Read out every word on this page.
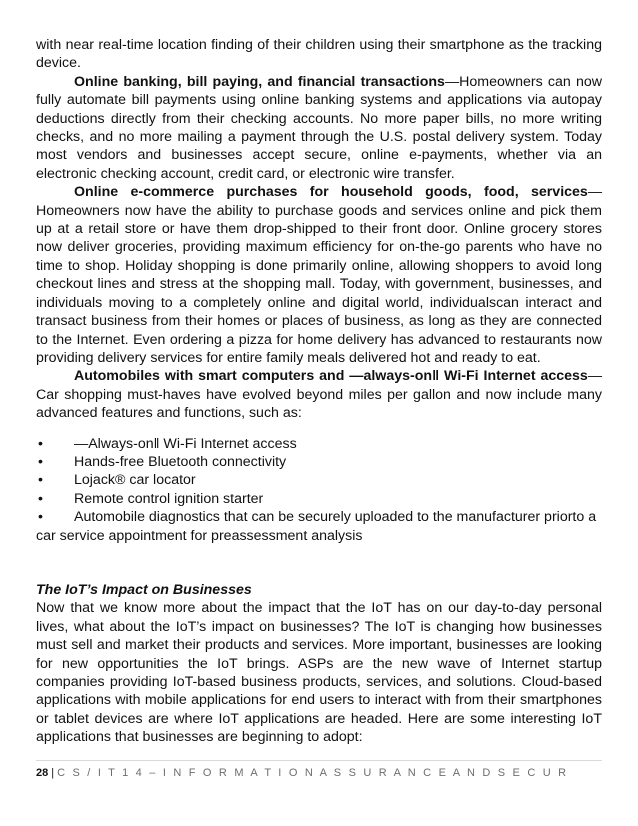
with near real-time location finding of their children using their smartphone as the tracking device.

Online banking, bill paying, and financial transactions—Homeowners can now fully automate bill payments using online banking systems and applications via autopay deductions directly from their checking accounts. No more paper bills, no more writing checks, and no more mailing a payment through the U.S. postal delivery system. Today most vendors and businesses accept secure, online e-payments, whether via an electronic checking account, credit card, or electronic wire transfer.

Online e-commerce purchases for household goods, food, services—Homeowners now have the ability to purchase goods and services online and pick them up at a retail store or have them drop-shipped to their front door. Online grocery stores now deliver groceries, providing maximum efficiency for on-the-go parents who have no time to shop. Holiday shopping is done primarily online, allowing shoppers to avoid long checkout lines and stress at the shopping mall. Today, with government, businesses, and individuals moving to a completely online and digital world, individualscan interact and transact business from their homes or places of business, as long as they are connected to the Internet. Even ordering a pizza for home delivery has advanced to restaurants now providing delivery services for entire family meals delivered hot and ready to eat.

Automobiles with smart computers and ―always-on‖ Wi-Fi Internet access—Car shopping must-haves have evolved beyond miles per gallon and now include many advanced features and functions, such as:

• ―Always-on‖ Wi-Fi Internet access
• Hands-free Bluetooth connectivity
• Lojack® car locator
• Remote control ignition starter
• Automobile diagnostics that can be securely uploaded to the manufacturer priorto a car service appointment for preassessment analysis

The IoT’s Impact on Businesses

Now that we know more about the impact that the IoT has on our day-to-day personal lives, what about the IoT’s impact on businesses? The IoT is changing how businesses must sell and market their products and services. More important, businesses are looking for new opportunities the IoT brings. ASPs are the new wave of Internet startup companies providing IoT-based business products, services, and solutions. Cloud-based applications with mobile applications for end users to interact with from their smartphones or tablet devices are where IoT applications are headed. Here are some interesting IoT applications that businesses are beginning to adopt:

28 | C S / I T 1 4 – I N F O R M A T I O N A S S U R A N C E A N D S E C U R
